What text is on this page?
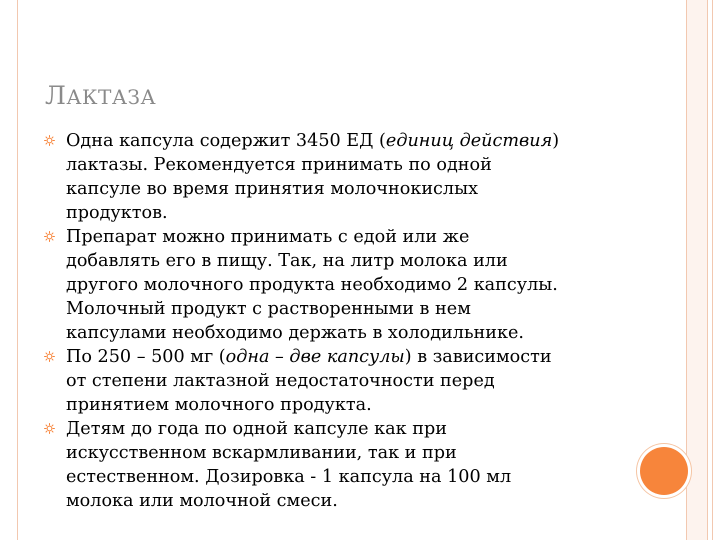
ЛАКТАЗА
Одна капсула содержит 3450 ЕД (единиц действия)
лактазы. Рекомендуется принимать по одной
капсуле во время принятия молочнокислых
продуктов.
Препарат можно принимать с едой или же
добавлять его в пищу. Так, на литр молока или
другого молочного продукта необходимо 2 капсулы.
Молочный продукт с растворенными в нем
капсулами необходимо держать в холодильнике.
По 250 – 500 мг (одна – две капсулы) в зависимости
от степени лактазной недостаточности перед
принятием молочного продукта.
Детям до года по одной капсуле как при
искусственном вскармливании, так и при
естественном. Дозировка - 1 капсула на 100 мл
молока или молочной смеси.
